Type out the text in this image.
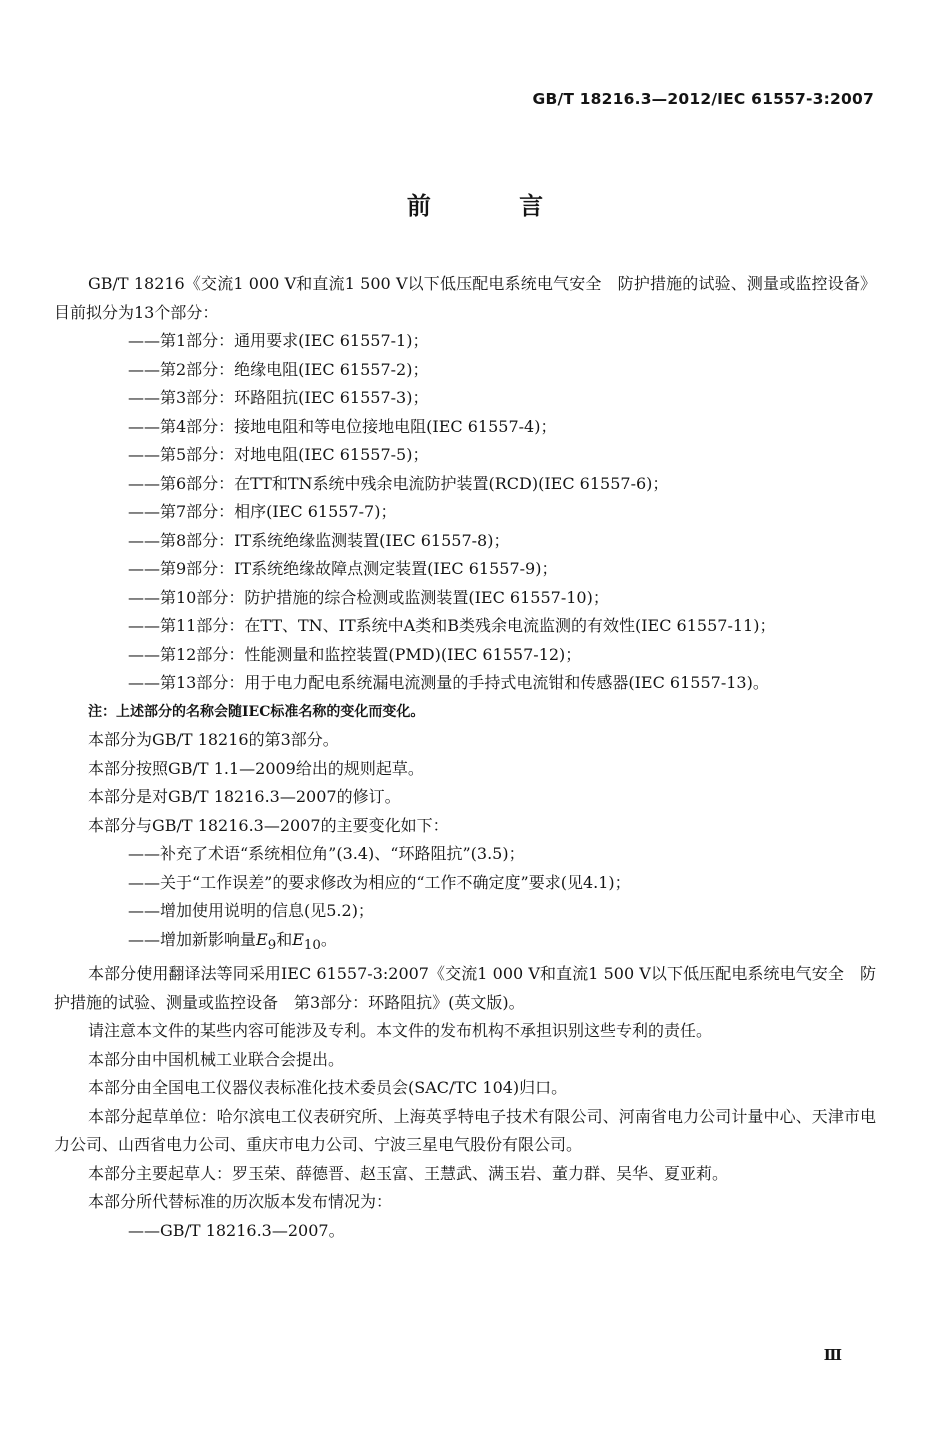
GB/T 18216.3—2012/IEC 61557-3:2007
前 言

GB/T 18216《交流1 000 V和直流1 500 V以下低压配电系统电气安全　防护措施的试验、测量或监控设备》目前拟分为13个部分：

——第1部分：通用要求(IEC 61557-1)；

——第2部分：绝缘电阻(IEC 61557-2)；

——第3部分：环路阻抗(IEC 61557-3)；

——第4部分：接地电阻和等电位接地电阻(IEC 61557-4)；

——第5部分：对地电阻(IEC 61557-5)；

——第6部分：在TT和TN系统中残余电流防护装置(RCD)(IEC 61557-6)；

——第7部分：相序(IEC 61557-7)；

——第8部分：IT系统绝缘监测装置(IEC 61557-8)；

——第9部分：IT系统绝缘故障点测定装置(IEC 61557-9)；

——第10部分：防护措施的综合检测或监测装置(IEC 61557-10)；

——第11部分：在TT、TN、IT系统中A类和B类残余电流监测的有效性(IEC 61557-11)；

——第12部分：性能测量和监控装置(PMD)(IEC 61557-12)；

——第13部分：用于电力配电系统漏电流测量的手持式电流钳和传感器(IEC 61557-13)。

注：上述部分的名称会随IEC标准名称的变化而变化。

本部分为GB/T 18216的第3部分。

本部分按照GB/T 1.1—2009给出的规则起草。

本部分是对GB/T 18216.3—2007的修订。

本部分与GB/T 18216.3—2007的主要变化如下：

——补充了术语“系统相位角”(3.4)、“环路阻抗”(3.5)；

——关于“工作误差”的要求修改为相应的“工作不确定度”要求(见4.1)；

——增加使用说明的信息(见5.2)；

——增加新影响量$E_9$和$E_{10}$。

本部分使用翻译法等同采用IEC 61557-3:2007《交流1 000 V和直流1 500 V以下低压配电系统电气安全　防护措施的试验、测量或监控设备　第3部分：环路阻抗》(英文版)。

请注意本文件的某些内容可能涉及专利。本文件的发布机构不承担识别这些专利的责任。

本部分由中国机械工业联合会提出。

本部分由全国电工仪器仪表标准化技术委员会(SAC/TC 104)归口。

本部分起草单位：哈尔滨电工仪表研究所、上海英孚特电子技术有限公司、河南省电力公司计量中心、天津市电力公司、山西省电力公司、重庆市电力公司、宁波三星电气股份有限公司。

本部分主要起草人：罗玉荣、薛德晋、赵玉富、王慧武、满玉岩、董力群、吴华、夏亚莉。

本部分所代替标准的历次版本发布情况为：

——GB/T 18216.3—2007。

Ⅲ
